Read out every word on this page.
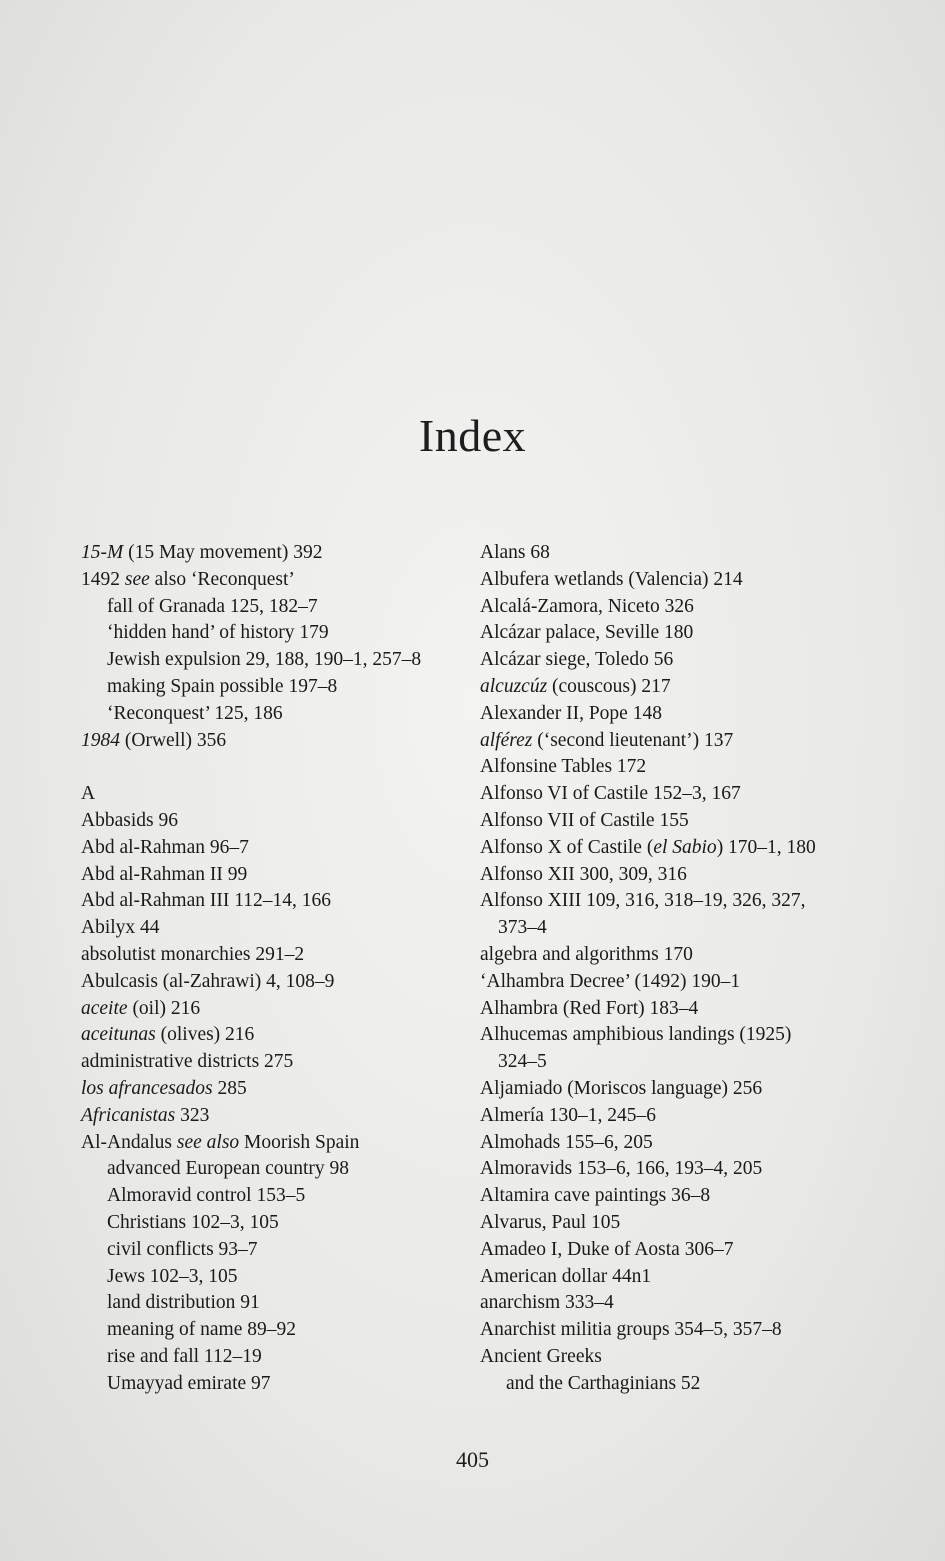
Index
15-M (15 May movement) 392
1492 see also ‘Reconquest’
fall of Granada 125, 182–7
‘hidden hand’ of history 179
Jewish expulsion 29, 188, 190–1, 257–8
making Spain possible 197–8
‘Reconquest’ 125, 186
1984 (Orwell) 356
A
Abbasids 96
Abd al-Rahman 96–7
Abd al-Rahman II 99
Abd al-Rahman III 112–14, 166
Abilyx 44
absolutist monarchies 291–2
Abulcasis (al-Zahrawi) 4, 108–9
aceite (oil) 216
aceitunas (olives) 216
administrative districts 275
los afrancesados 285
Africanistas 323
Al-Andalus see also Moorish Spain
advanced European country 98
Almoravid control 153–5
Christians 102–3, 105
civil conflicts 93–7
Jews 102–3, 105
land distribution 91
meaning of name 89–92
rise and fall 112–19
Umayyad emirate 97
Alans 68
Albufera wetlands (Valencia) 214
Alcalá-Zamora, Niceto 326
Alcázar palace, Seville 180
Alcázar siege, Toledo 56
alcuzcúz (couscous) 217
Alexander II, Pope 148
alférez (‘second lieutenant’) 137
Alfonsine Tables 172
Alfonso VI of Castile 152–3, 167
Alfonso VII of Castile 155
Alfonso X of Castile (el Sabio) 170–1, 180
Alfonso XII 300, 309, 316
Alfonso XIII 109, 316, 318–19, 326, 327,
373–4
algebra and algorithms 170
‘Alhambra Decree’ (1492) 190–1
Alhambra (Red Fort) 183–4
Alhucemas amphibious landings (1925)
324–5
Aljamiado (Moriscos language) 256
Almería 130–1, 245–6
Almohads 155–6, 205
Almoravids 153–6, 166, 193–4, 205
Altamira cave paintings 36–8
Alvarus, Paul 105
Amadeo I, Duke of Aosta 306–7
American dollar 44n1
anarchism 333–4
Anarchist militia groups 354–5, 357–8
Ancient Greeks
and the Carthaginians 52
405
